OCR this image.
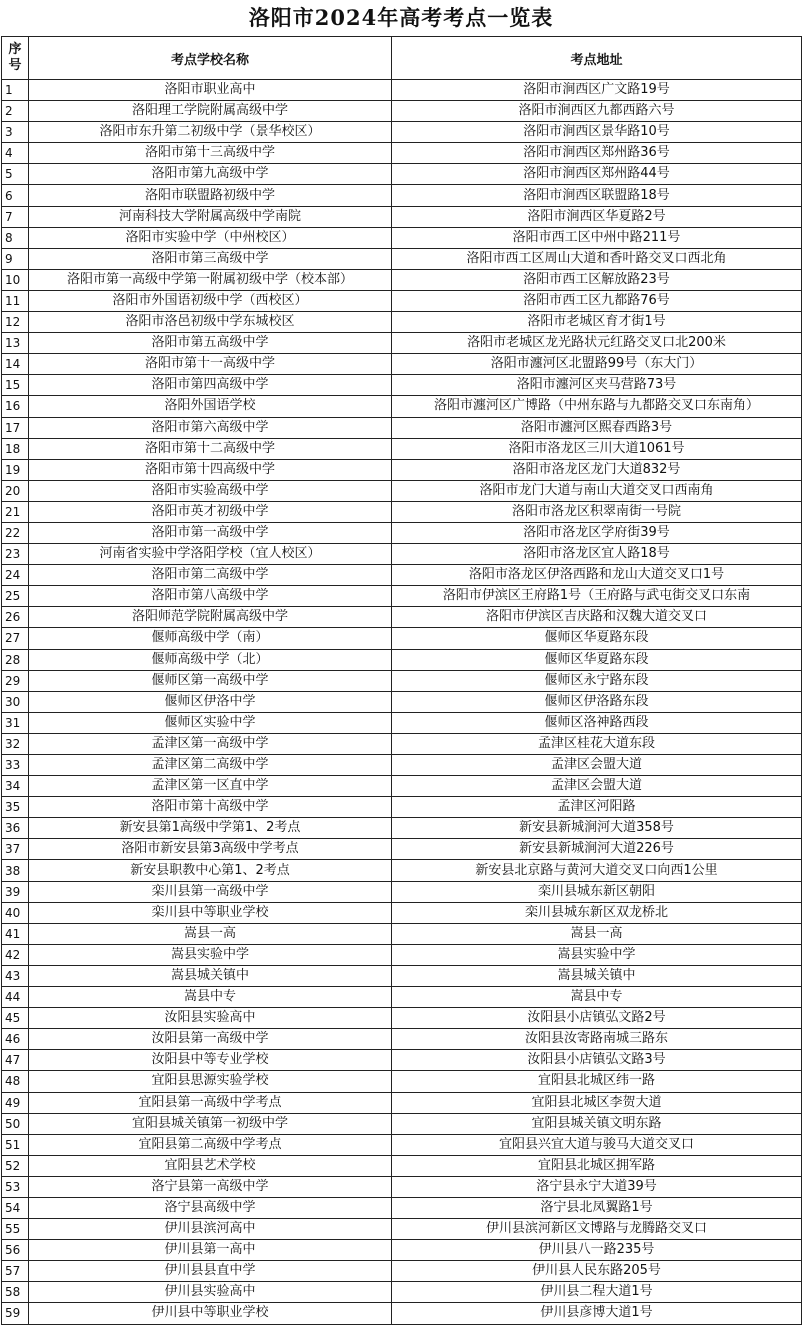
洛阳市2024年高考考点一览表
序号	考点学校名称	考点地址
1	洛阳市职业高中	洛阳市涧西区广文路19号
2	洛阳理工学院附属高级中学	洛阳市涧西区九都西路六号
3	洛阳市东升第二初级中学（景华校区）	洛阳市涧西区景华路10号
4	洛阳市第十三高级中学	洛阳市涧西区郑州路36号
5	洛阳市第九高级中学	洛阳市涧西区郑州路44号
6	洛阳市联盟路初级中学	洛阳市涧西区联盟路18号
7	河南科技大学附属高级中学南院	洛阳市涧西区华夏路2号
8	洛阳市实验中学（中州校区）	洛阳市西工区中州中路211号
9	洛阳市第三高级中学	洛阳市西工区周山大道和香叶路交叉口西北角
10	洛阳市第一高级中学第一附属初级中学（校本部）	洛阳市西工区解放路23号
11	洛阳市外国语初级中学（西校区）	洛阳市西工区九都路76号
12	洛阳市洛邑初级中学东城校区	洛阳市老城区育才街1号
13	洛阳市第五高级中学	洛阳市老城区龙光路状元红路交叉口北200米
14	洛阳市第十一高级中学	洛阳市瀍河区北盟路99号（东大门）
15	洛阳市第四高级中学	洛阳市瀍河区夹马营路73号
16	洛阳外国语学校	洛阳市瀍河区广博路（中州东路与九都路交叉口东南角）
17	洛阳市第六高级中学	洛阳市瀍河区熙春西路3号
18	洛阳市第十二高级中学	洛阳市洛龙区三川大道1061号
19	洛阳市第十四高级中学	洛阳市洛龙区龙门大道832号
20	洛阳市实验高级中学	洛阳市龙门大道与南山大道交叉口西南角
21	洛阳市英才初级中学	洛阳市洛龙区积翠南街一号院
22	洛阳市第一高级中学	洛阳市洛龙区学府街39号
23	河南省实验中学洛阳学校（宜人校区）	洛阳市洛龙区宜人路18号
24	洛阳市第二高级中学	洛阳市洛龙区伊洛西路和龙山大道交叉口1号
25	洛阳市第八高级中学	洛阳市伊滨区王府路1号（王府路与武屯街交叉口东南
26	洛阳师范学院附属高级中学	洛阳市伊滨区吉庆路和汉魏大道交叉口
27	偃师高级中学（南）	偃师区华夏路东段
28	偃师高级中学（北）	偃师区华夏路东段
29	偃师区第一高级中学	偃师区永宁路东段
30	偃师区伊洛中学	偃师区伊洛路东段
31	偃师区实验中学	偃师区洛神路西段
32	孟津区第一高级中学	孟津区桂花大道东段
33	孟津区第二高级中学	孟津区会盟大道
34	孟津区第一区直中学	孟津区会盟大道
35	洛阳市第十高级中学	孟津区河阳路
36	新安县第1高级中学第1、2考点	新安县新城涧河大道358号
37	洛阳市新安县第3高级中学考点	新安县新城涧河大道226号
38	新安县职教中心第1、2考点	新安县北京路与黄河大道交叉口向西1公里
39	栾川县第一高级中学	栾川县城东新区朝阳
40	栾川县中等职业学校	栾川县城东新区双龙桥北
41	嵩县一高	嵩县一高
42	嵩县实验中学	嵩县实验中学
43	嵩县城关镇中	嵩县城关镇中
44	嵩县中专	嵩县中专
45	汝阳县实验高中	汝阳县小店镇弘文路2号
46	汝阳县第一高级中学	汝阳县汝寄路南城三路东
47	汝阳县中等专业学校	汝阳县小店镇弘文路3号
48	宜阳县思源实验学校	宜阳县北城区纬一路
49	宜阳县第一高级中学考点	宜阳县北城区李贺大道
50	宜阳县城关镇第一初级中学	宜阳县城关镇文明东路
51	宜阳县第二高级中学考点	宜阳县兴宜大道与骏马大道交叉口
52	宜阳县艺术学校	宜阳县北城区拥军路
53	洛宁县第一高级中学	洛宁县永宁大道39号
54	洛宁县高级中学	洛宁县北凤翼路1号
55	伊川县滨河高中	伊川县滨河新区文博路与龙腾路交叉口
56	伊川县第一高中	伊川县八一路235号
57	伊川县县直中学	伊川县人民东路205号
58	伊川县实验高中	伊川县二程大道1号
59	伊川县中等职业学校	伊川县彦博大道1号
